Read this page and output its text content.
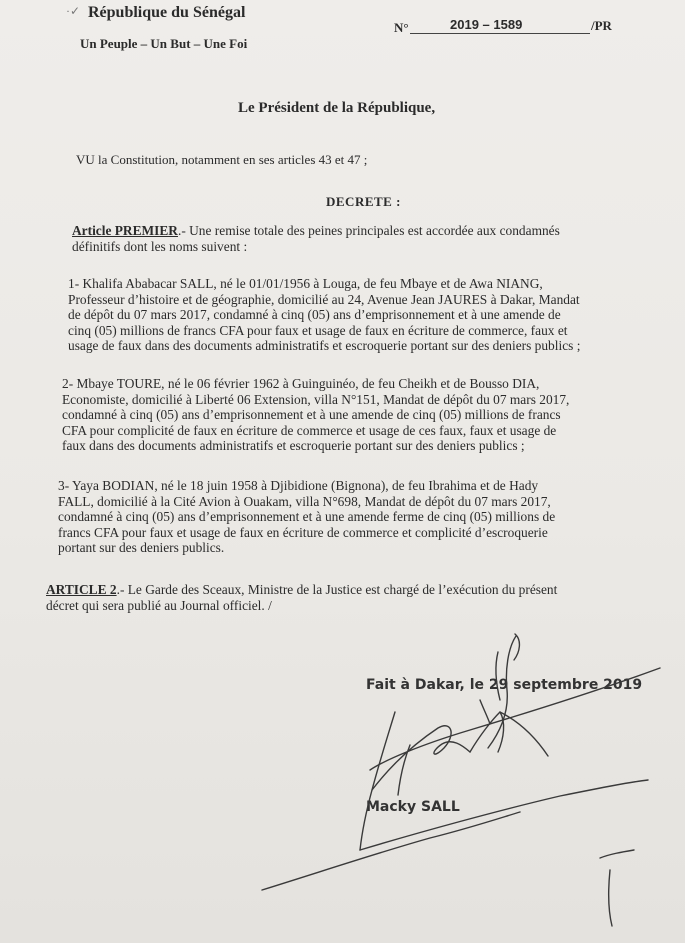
·✓ République du Sénégal
Un Peuple – Un But – Une Foi
N°	2019 – 1589	/PR
Le Président de la République,
VU la Constitution, notamment en ses articles 43 et 47 ;
DECRETE :
Article PREMIER.- Une remise totale des peines principales est accordée aux condamnés
définitifs dont les noms suivent :
1- Khalifa Ababacar SALL, né le 01/01/1956 à Louga, de feu Mbaye et de Awa NIANG,
Professeur d’histoire et de géographie, domicilié au 24, Avenue Jean JAURES à Dakar, Mandat
de dépôt du 07 mars 2017, condamné à cinq (05) ans d’emprisonnement et à une amende de
cinq (05) millions de francs CFA pour faux et usage de faux en écriture de commerce, faux et
usage de faux dans des documents administratifs et escroquerie portant sur des deniers publics ;
2- Mbaye TOURE, né le 06 février 1962 à Guinguinéo, de feu Cheikh et de Bousso DIA,
Economiste, domicilié à Liberté 06 Extension, villa N°151, Mandat de dépôt du 07 mars 2017,
condamné à cinq (05) ans d’emprisonnement et à une amende de cinq (05) millions de francs
CFA pour complicité de faux en écriture de commerce et usage de ces faux, faux et usage de
faux dans des documents administratifs et escroquerie portant sur des deniers publics ;
3- Yaya BODIAN, né le 18 juin 1958 à Djibidione (Bignona), de feu Ibrahima et de Hady
FALL, domicilié à la Cité Avion à Ouakam, villa N°698, Mandat de dépôt du 07 mars 2017,
condamné à cinq (05) ans d’emprisonnement et à une amende ferme de cinq (05) millions de
francs CFA pour faux et usage de faux en écriture de commerce et complicité d’escroquerie
portant sur des deniers publics.
ARTICLE 2.- Le Garde des Sceaux, Ministre de la Justice est chargé de l’exécution du présent
décret qui sera publié au Journal officiel. /
Fait à Dakar, le 29 septembre 2019
Macky SALL
